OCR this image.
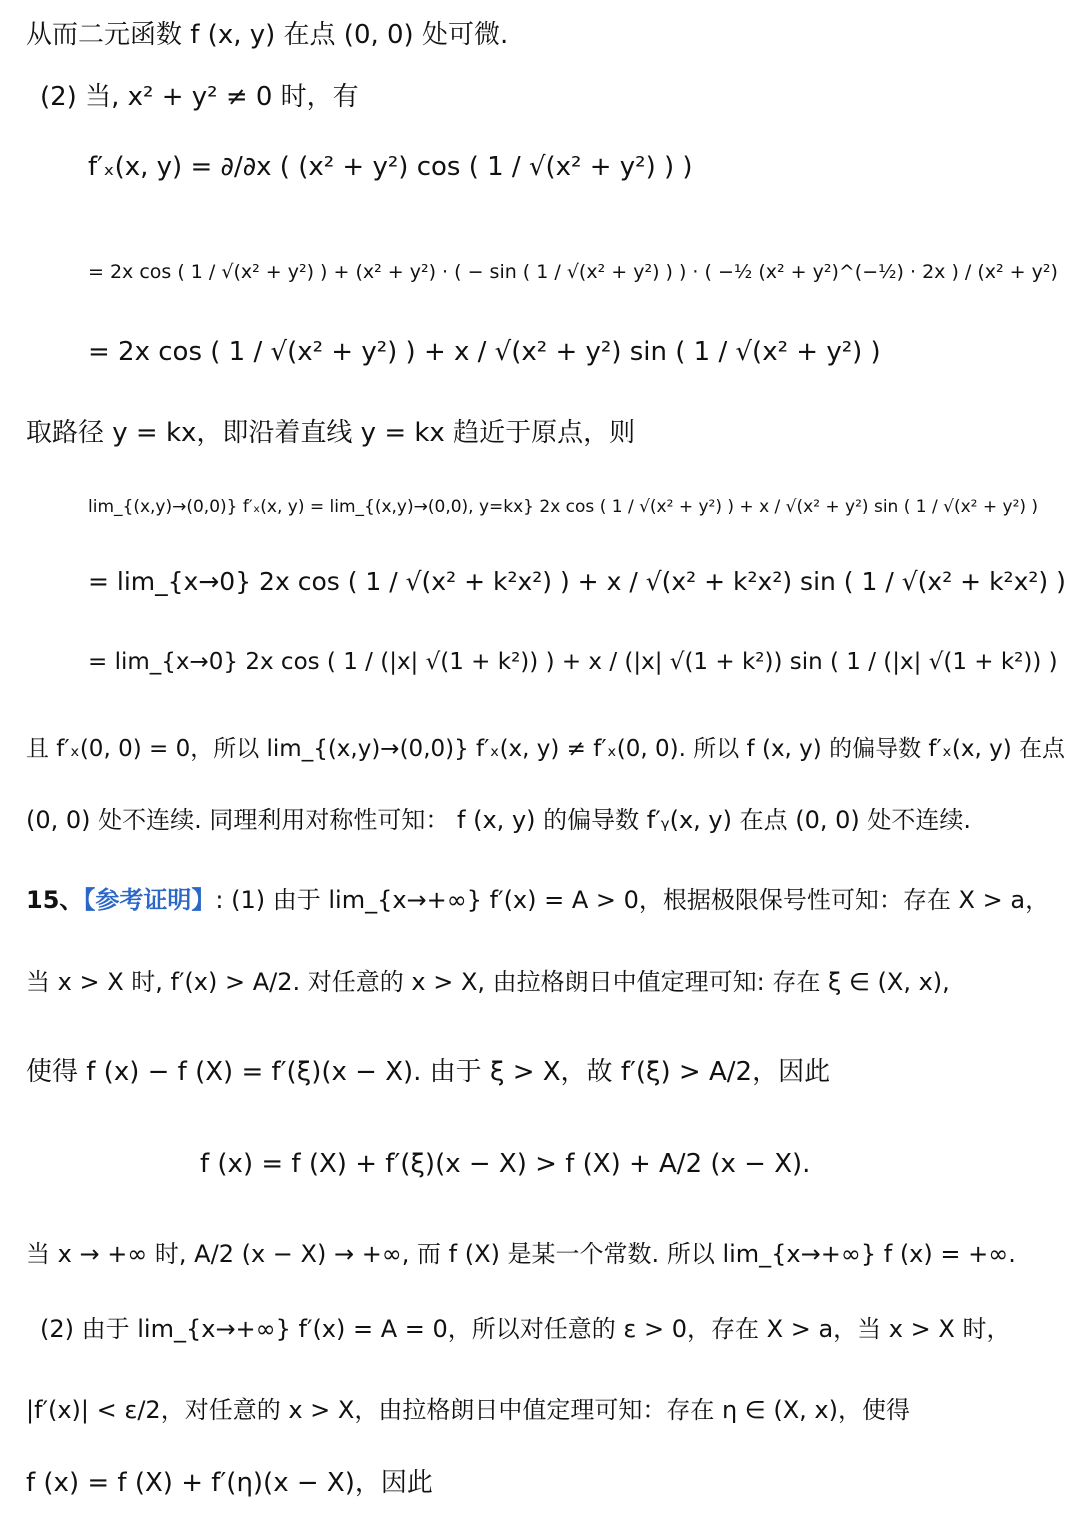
从而二元函数 f (x, y) 在点 (0, 0) 处可微.
(2) 当, x² + y² ≠ 0 时，有
f′ₓ(x, y) = ∂/∂x ( (x² + y²) cos ( 1 / √(x² + y²) ) )
= 2x cos ( 1 / √(x² + y²) ) + (x² + y²) · ( − sin ( 1 / √(x² + y²) ) ) · ( −½ (x² + y²)^(−½) · 2x ) / (x² + y²)
= 2x cos ( 1 / √(x² + y²) ) + x / √(x² + y²) sin ( 1 / √(x² + y²) )
取路径 y = kx，即沿着直线 y = kx 趋近于原点，则
lim_{(x,y)→(0,0)} f′ₓ(x, y) = lim_{(x,y)→(0,0), y=kx} 2x cos ( 1 / √(x² + y²) ) + x / √(x² + y²) sin ( 1 / √(x² + y²) )
= lim_{x→0} 2x cos ( 1 / √(x² + k²x²) ) + x / √(x² + k²x²) sin ( 1 / √(x² + k²x²) )
= lim_{x→0} 2x cos ( 1 / (|x| √(1 + k²)) ) + x / (|x| √(1 + k²)) sin ( 1 / (|x| √(1 + k²)) )
且 f′ₓ(0, 0) = 0，所以 lim_{(x,y)→(0,0)} f′ₓ(x, y) ≠ f′ₓ(0, 0). 所以 f (x, y) 的偏导数 f′ₓ(x, y) 在点
(0, 0) 处不连续. 同理利用对称性可知： f (x, y) 的偏导数 f′ᵧ(x, y) 在点 (0, 0) 处不连续.
15、【参考证明】: (1) 由于 lim_{x→+∞} f′(x) = A > 0，根据极限保号性可知：存在 X > a，
当 x > X 时, f′(x) > A/2. 对任意的 x > X, 由拉格朗日中值定理可知: 存在 ξ ∈ (X, x),
使得 f (x) − f (X) = f′(ξ)(x − X). 由于 ξ > X，故 f′(ξ) > A/2，因此
f (x) = f (X) + f′(ξ)(x − X) > f (X) + A/2 (x − X).
当 x → +∞ 时, A/2 (x − X) → +∞, 而 f (X) 是某一个常数. 所以 lim_{x→+∞} f (x) = +∞.
(2) 由于 lim_{x→+∞} f′(x) = A = 0，所以对任意的 ε > 0，存在 X > a，当 x > X 时，
|f′(x)| < ε/2，对任意的 x > X，由拉格朗日中值定理可知：存在 η ∈ (X, x)，使得
f (x) = f (X) + f′(η)(x − X)，因此
